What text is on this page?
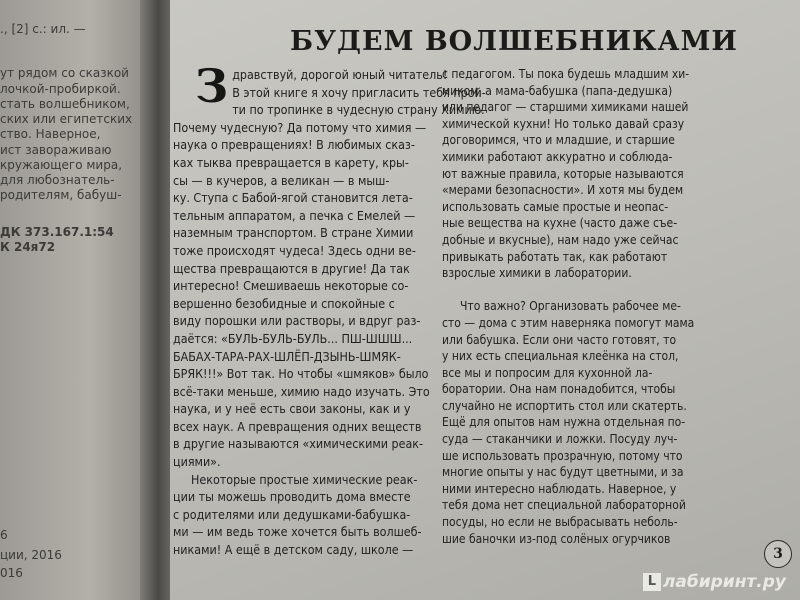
., [2] с.: ил. —
ут рядом со сказкой
лочкой-пробиркой.
стать волшебником,
ских или египетских
ство. Наверное,
ист завораживаю
кружающего мира,
для любознатель-
родителям, бабуш-
ДК 373.167.1:54
К 24я72
6
ции, 2016
016
БУДЕМ ВОЛШЕБНИКАМИ
З дравствуй, дорогой юный читатель!
В этой книге я хочу пригласить тебя прой-
ти по тропинке в чудесную страну Химию.
Почему чудесную? Да потому что химия —
наука о превращениях! В любимых сказ-
ках тыква превращается в карету, кры-
сы — в кучеров, а великан — в мыш-
ку. Ступа с Бабой-ягой становится лета-
тельным аппаратом, а печка с Емелей —
наземным транспортом. В стране Химии
тоже происходят чудеса! Здесь одни ве-
щества превращаются в другие! Да так
интересно! Смешиваешь некоторые со-
вершенно безобидные и спокойные с
виду порошки или растворы, и вдруг раз-
даётся: «БУЛЬ-БУЛЬ-БУЛЬ... ПШ-ШШШ...
БАБАХ-ТАРА-РАХ-ШЛЁП-ДЗЫНЬ-ШМЯК-
БРЯК!!!» Вот так. Но чтобы «шмяков» было
всё-таки меньше, химию надо изучать. Это
наука, и у неё есть свои законы, как и у
всех наук. А превращения одних веществ
в другие называются «химическими реак-
циями».
Некоторые простые химические реак-
ции ты можешь проводить дома вместе
с родителями или дедушками-бабушка-
ми — им ведь тоже хочется быть волшеб-
никами! А ещё в детском саду, школе —
с педагогом. Ты пока будешь младшим хи-
миком, а мама-бабушка (папа-дедушка)
или педагог — старшими химиками нашей
химической кухни! Но только давай сразу
договоримся, что и младшие, и старшие
химики работают аккуратно и соблюда-
ют важные правила, которые называются
«мерами безопасности». И хотя мы будем
использовать самые простые и неопас-
ные вещества на кухне (часто даже съе-
добные и вкусные), нам надо уже сейчас
привыкать работать так, как работают
взрослые химики в лаборатории.
Что важно? Организовать рабочее ме-
сто — дома с этим наверняка помогут мама
или бабушка. Если они часто готовят, то
у них есть специальная клеёнка на стол,
все мы и попросим для кухонной ла-
боратории. Она нам понадобится, чтобы
случайно не испортить стол или скатерть.
Ещё для опытов нам нужна отдельная по-
суда — стаканчики и ложки. Посуду луч-
ше использовать прозрачную, потому что
многие опыты у нас будут цветными, и за
ними интересно наблюдать. Наверное, у
тебя дома нет специальной лабораторной
посуды, но если не выбрасывать неболь-
шие баночки из-под солёных огурчиков
3
L лабиринт.ру
